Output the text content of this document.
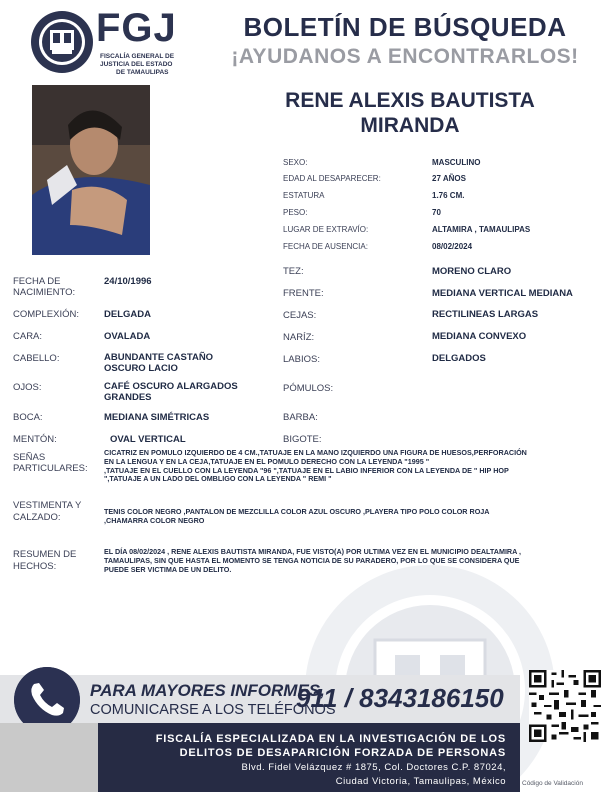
FGJ
FISCALÍA GENERAL DE
JUSTICIA DEL ESTADO
DE TAMAULIPAS
BOLETÍN DE BÚSQUEDA
¡AYUDANOS A ENCONTRARLOS!
RENE ALEXIS BAUTISTA
MIRANDA
SEXO:	MASCULINO
EDAD AL DESAPARECER:	27 AÑOS
ESTATURA	1.76 CM.
PESO:	70
LUGAR DE EXTRAVÍO:	ALTAMIRA , TAMAULIPAS
FECHA DE AUSENCIA:	08/02/2024
FECHA DE
NACIMIENTO:
24/10/1996
COMPLEXIÓN:	DELGADA
CARA:	OVALADA
CABELLO:	ABUNDANTE CASTAÑO
OSCURO LACIO
OJOS:	CAFÉ OSCURO ALARGADOS
GRANDES
BOCA:	MEDIANA SIMÉTRICAS
MENTÓN:	OVAL VERTICAL
TEZ:	MORENO CLARO
FRENTE:	MEDIANA VERTICAL MEDIANA
CEJAS:	RECTILINEAS LARGAS
NARÍZ:	MEDIANA CONVEXO
LABIOS:	DELGADOS
PÓMULOS:
BARBA:
BIGOTE:
SEÑAS
PARTICULARES:
CICATRIZ EN POMULO IZQUIERDO DE 4 CM.,TATUAJE EN LA MANO IZQUIERDO UNA FIGURA DE HUESOS,PERFORACIÓN
EN LA LENGUA Y EN LA CEJA,TATUAJE EN EL POMULO DERECHO CON LA LEYENDA "1995 "
,TATUAJE EN EL CUELLO CON LA LEYENDA "96 ",TATUAJE EN EL LABIO INFERIOR CON LA LEYENDA DE " HIP HOP
",TATUAJE A UN LADO DEL OMBLIGO CON LA LEYENDA " REMI "
VESTIMENTA Y
CALZADO:
TENIS COLOR NEGRO ,PANTALON DE MEZCLILLA COLOR AZUL OSCURO ,PLAYERA TIPO POLO COLOR ROJA
,CHAMARRA COLOR NEGRO
RESUMEN DE
HECHOS:
EL DÍA 08/02/2024 , RENE ALEXIS BAUTISTA MIRANDA, FUE VISTO(A) POR ULTIMA VEZ EN EL MUNICIPIO DEALTAMIRA ,
TAMAULIPAS, SIN QUE HASTA EL MOMENTO SE TENGA NOTICIA DE SU PARADERO, POR LO QUE SE CONSIDERA QUE
PUEDE SER VICTIMA DE UN DELITO.
PARA MAYORES INFORMES,
COMUNICARSE A LOS TELÉFONOS
911 / 8343186150
FISCALÍA ESPECIALIZADA EN LA INVESTIGACIÓN DE LOS
DELITOS DE DESAPARICIÓN FORZADA DE PERSONAS
Blvd. Fidel Velázquez # 1875, Col. Doctores C.P. 87024,
Ciudad Victoria, Tamaulipas, México Código de Validación
